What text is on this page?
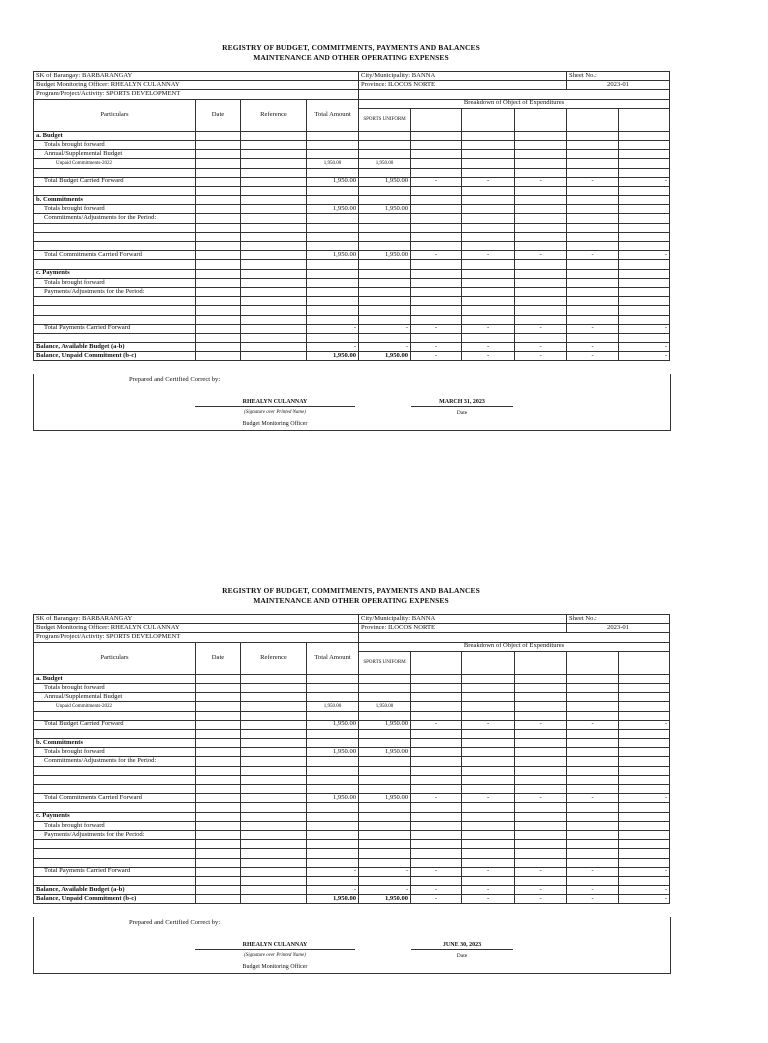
REGISTRY OF BUDGET, COMMITMENTS, PAYMENTS AND BALANCES
MAINTENANCE AND OTHER OPERATING EXPENSES
SK of Barangay: BARBARANGAY				City/Municipality: BANNA				Sheet No.:	
Budget Monitoring Officer: RHEALYN CULANNAY				Province: ILOCOS NORTE				2023-01	
Program/Project/Activity: SPORTS DEVELOPMENT									
Particulars	Date	Reference	Total Amount	Breakdown of Object of Expenditures					
				SPORTS UNIFORM					
a. Budget									
Totals brought forward									
Annual/Supplemental Budget									
Unpaid Commitments-2022			1,950.00	1,950.00					

Total Budget Carried Forward			1,950.00	1,950.00	-	-	-	-	-

b. Commitments									
Totals brought forward			1,950.00	1,950.00					
Commitments/Adjustments for the Period:									

Total Commitments Carried Forward			1,950.00	1,950.00	-	-	-	-	-

c. Payments									
Totals brought forward									
Payments/Adjustments for the Period:									

Total Payments Carried Forward			-	-	-	-	-	-	-

Balance, Available Budget (a-b)			-	-	-	-	-	-	-
Balance, Unpaid Commitment (b-c)			1,950.00	1,950.00	-	-	-	-	-
Prepared and Certified Correct by:
RHEALYN CULANNAY
(Signature over Printed Name)
Budget Monitoring Officer
MARCH 31, 2023
Date
REGISTRY OF BUDGET, COMMITMENTS, PAYMENTS AND BALANCES
MAINTENANCE AND OTHER OPERATING EXPENSES
SK of Barangay: BARBARANGAY				City/Municipality: BANNA				Sheet No.:	
Budget Monitoring Officer: RHEALYN CULANNAY				Province: ILOCOS NORTE				2023-01	
Program/Project/Activity: SPORTS DEVELOPMENT									
Particulars	Date	Reference	Total Amount	Breakdown of Object of Expenditures					
				SPORTS UNIFORM					
a. Budget									
Totals brought forward									
Annual/Supplemental Budget									
Unpaid Commitments-2022			1,950.00	1,950.00					

Total Budget Carried Forward			1,950.00	1,950.00	-	-	-	-	-

b. Commitments									
Totals brought forward			1,950.00	1,950.00					
Commitments/Adjustments for the Period:									

Total Commitments Carried Forward			1,950.00	1,950.00	-	-	-	-	-

c. Payments									
Totals brought forward									
Payments/Adjustments for the Period:									

Total Payments Carried Forward			-	-	-	-	-	-	-

Balance, Available Budget (a-b)			-	-	-	-	-	-	-
Balance, Unpaid Commitment (b-c)			1,950.00	1,950.00	-	-	-	-	-
Prepared and Certified Correct by:
RHEALYN CULANNAY
(Signature over Printed Name)
Budget Monitoring Officer
JUNE 30, 2023
Date
